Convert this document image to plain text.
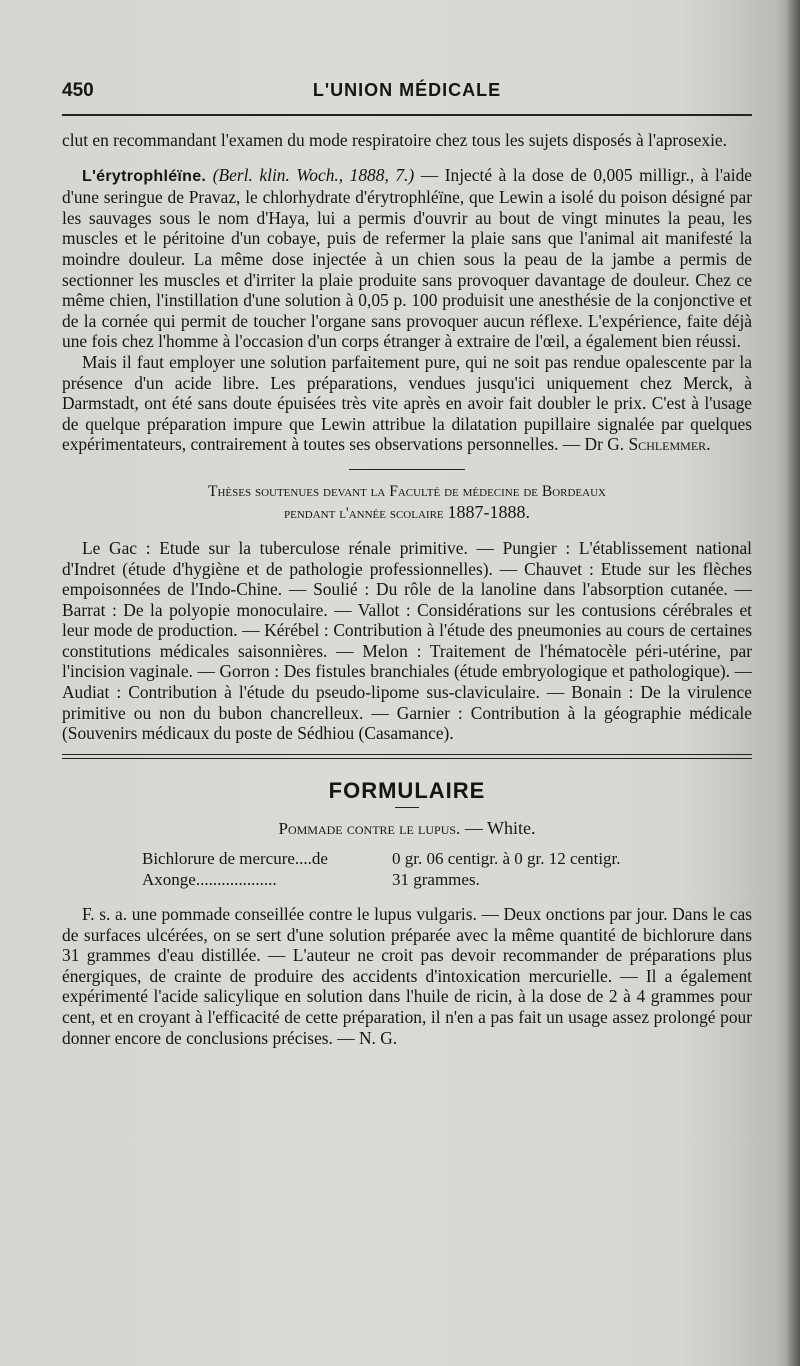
450	L'UNION MÉDICALE

clut en recommandant l'examen du mode respiratoire chez tous les sujets disposés à l'aprosexie.

L'érytrophléïne. (Berl. klin. Woch., 1888, 7.) — Injecté à la dose de 0,005 milligr., à l'aide d'une seringue de Pravaz, le chlorhydrate d'érytrophléïne, que Lewin a isolé du poison désigné par les sauvages sous le nom d'Haya, lui a permis d'ouvrir au bout de vingt minutes la peau, les muscles et le péritoine d'un cobaye, puis de refermer la plaie sans que l'animal ait manifesté la moindre douleur. La même dose injectée à un chien sous la peau de la jambe a permis de sectionner les muscles et d'irriter la plaie produite sans provoquer davantage de douleur. Chez ce même chien, l'instillation d'une solution à 0,05 p. 100 produisit une anesthésie de la conjonctive et de la cornée qui permit de toucher l'organe sans provoquer aucun réflexe. L'expérience, faite déjà une fois chez l'homme à l'occasion d'un corps étranger à extraire de l'œil, a également bien réussi.

Mais il faut employer une solution parfaitement pure, qui ne soit pas rendue opalescente par la présence d'un acide libre. Les préparations, vendues jusqu'ici uniquement chez Merck, à Darmstadt, ont été sans doute épuisées très vite après en avoir fait doubler le prix. C'est à l'usage de quelque préparation impure que Lewin attribue la dilatation pupillaire signalée par quelques expérimentateurs, contrairement à toutes ses observations personnelles. — Dr G. Schlemmer.

Thèses soutenues devant la Faculté de médecine de Bordeaux
pendant l'année scolaire 1887-1888.

Le Gac : Etude sur la tuberculose rénale primitive. — Pungier : L'établissement national d'Indret (étude d'hygiène et de pathologie professionnelles). — Chauvet : Etude sur les flèches empoisonnées de l'Indo-Chine. — Soulié : Du rôle de la lanoline dans l'absorption cutanée. — Barrat : De la polyopie monoculaire. — Vallot : Considérations sur les contusions cérébrales et leur mode de production. — Kérébel : Contribution à l'étude des pneumonies au cours de certaines constitutions médicales saisonnières. — Melon : Traitement de l'hématocèle péri-utérine, par l'incision vaginale. — Gorron : Des fistules branchiales (étude embryologique et pathologique). — Audiat : Contribution à l'étude du pseudo-lipome sus-claviculaire. — Bonain : De la virulence primitive ou non du bubon chancrelleux. — Garnier : Contribution à la géographie médicale (Souvenirs médicaux du poste de Sédhiou (Casamance).

FORMULAIRE
Pommade contre le lupus. — White.
Bichlorure de mercure....de	0 gr. 06 centigr. à 0 gr. 12 centigr.
Axonge...................	31 grammes.

F. s. a. une pommade conseillée contre le lupus vulgaris. — Deux onctions par jour. Dans le cas de surfaces ulcérées, on se sert d'une solution préparée avec la même quantité de bichlorure dans 31 grammes d'eau distillée. — L'auteur ne croit pas devoir recommander de préparations plus énergiques, de crainte de produire des accidents d'intoxication mercurielle. — Il a également expérimenté l'acide salicylique en solution dans l'huile de ricin, à la dose de 2 à 4 grammes pour cent, et en croyant à l'efficacité de cette préparation, il n'en a pas fait un usage assez prolongé pour donner encore de conclusions précises. — N. G.
